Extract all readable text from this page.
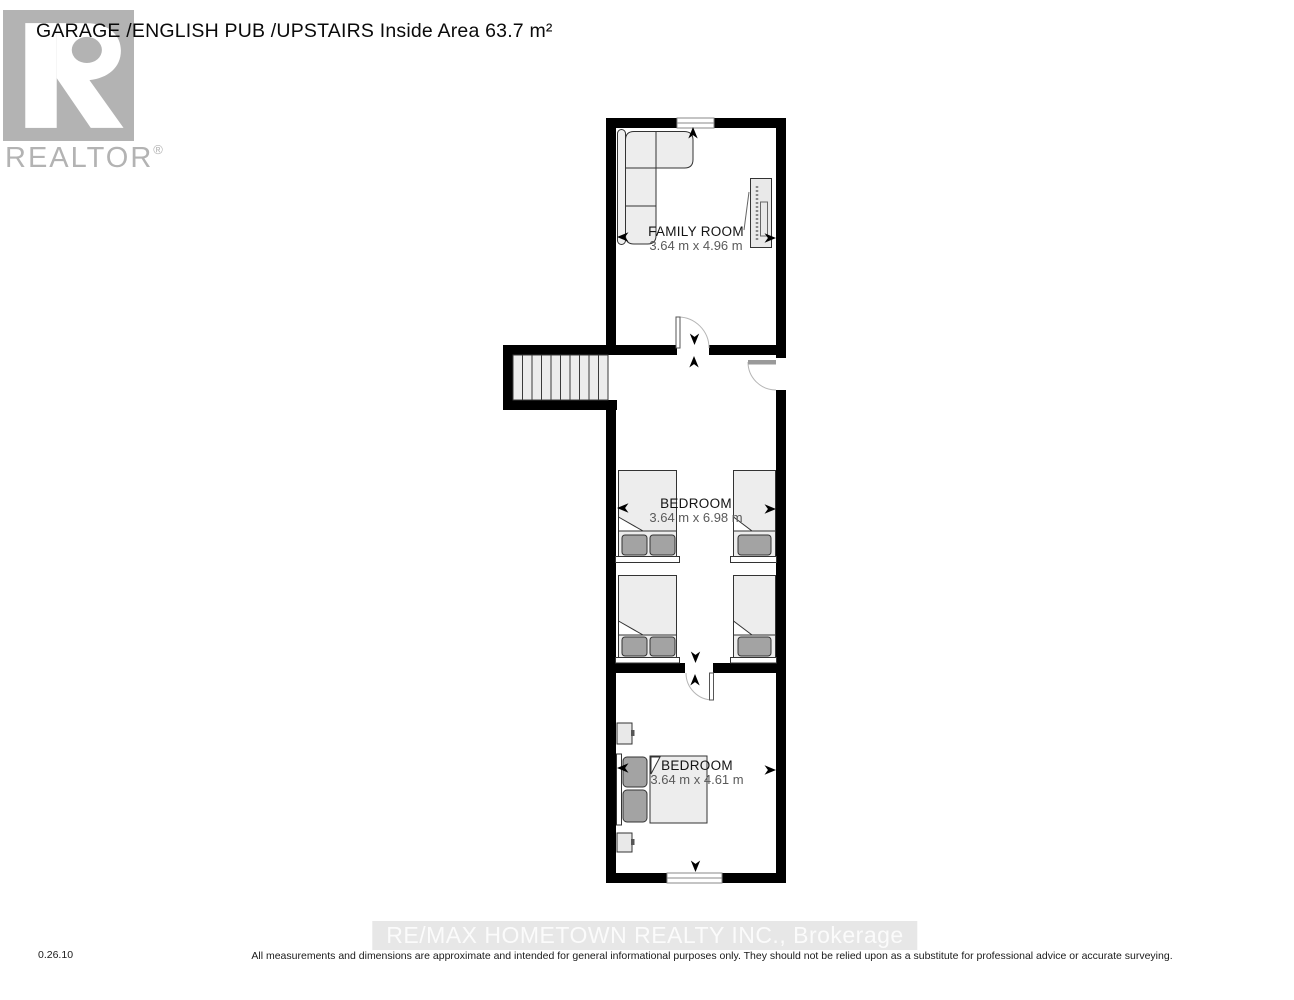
GARAGE /ENGLISH PUB /UPSTAIRS Inside Area 63.7 m²
REALTOR®
FAMILY ROOM
3.64 m x 4.96 m
BEDROOM
3.64 m x 6.98 m
BEDROOM
3.64 m x 4.61 m
0.26.10
RE/MAX HOMETOWN REALTY INC., Brokerage
All measurements and dimensions are approximate and intended for general informational purposes only. They should not be relied upon as a substitute for professional advice or accurate surveying.
